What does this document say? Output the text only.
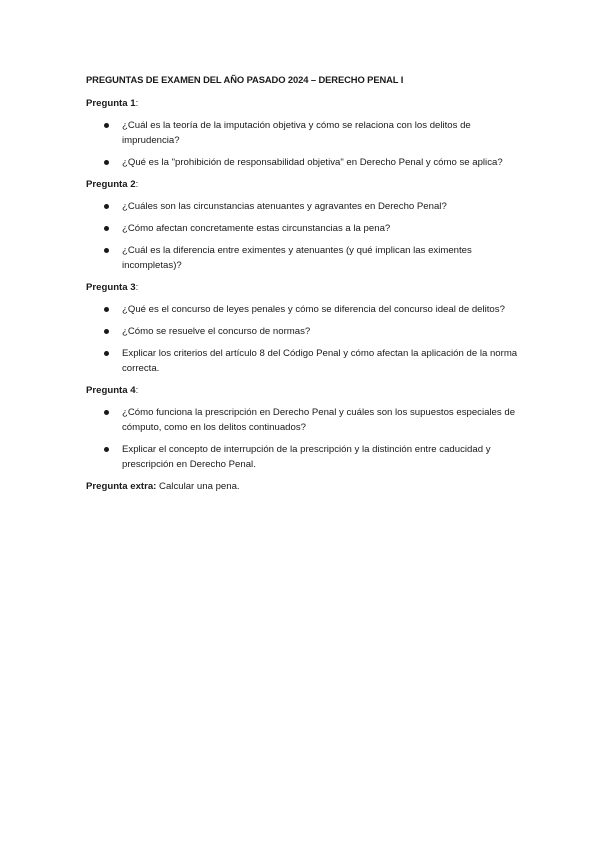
PREGUNTAS DE EXAMEN DEL AÑO PASADO 2024 – DERECHO PENAL I
Pregunta 1:
¿Cuál es la teoría de la imputación objetiva y cómo se relaciona con los delitos de imprudencia?
¿Qué es la "prohibición de responsabilidad objetiva" en Derecho Penal y cómo se aplica?
Pregunta 2:
¿Cuáles son las circunstancias atenuantes y agravantes en Derecho Penal?
¿Cómo afectan concretamente estas circunstancias a la pena?
¿Cuál es la diferencia entre eximentes y atenuantes (y qué implican las eximentes incompletas)?
Pregunta 3:
¿Qué es el concurso de leyes penales y cómo se diferencia del concurso ideal de delitos?
¿Cómo se resuelve el concurso de normas?
Explicar los criterios del artículo 8 del Código Penal y cómo afectan la aplicación de la norma correcta.
Pregunta 4:
¿Cómo funciona la prescripción en Derecho Penal y cuáles son los supuestos especiales de cómputo, como en los delitos continuados?
Explicar el concepto de interrupción de la prescripción y la distinción entre caducidad y prescripción en Derecho Penal.

Pregunta extra: Calcular una pena.
